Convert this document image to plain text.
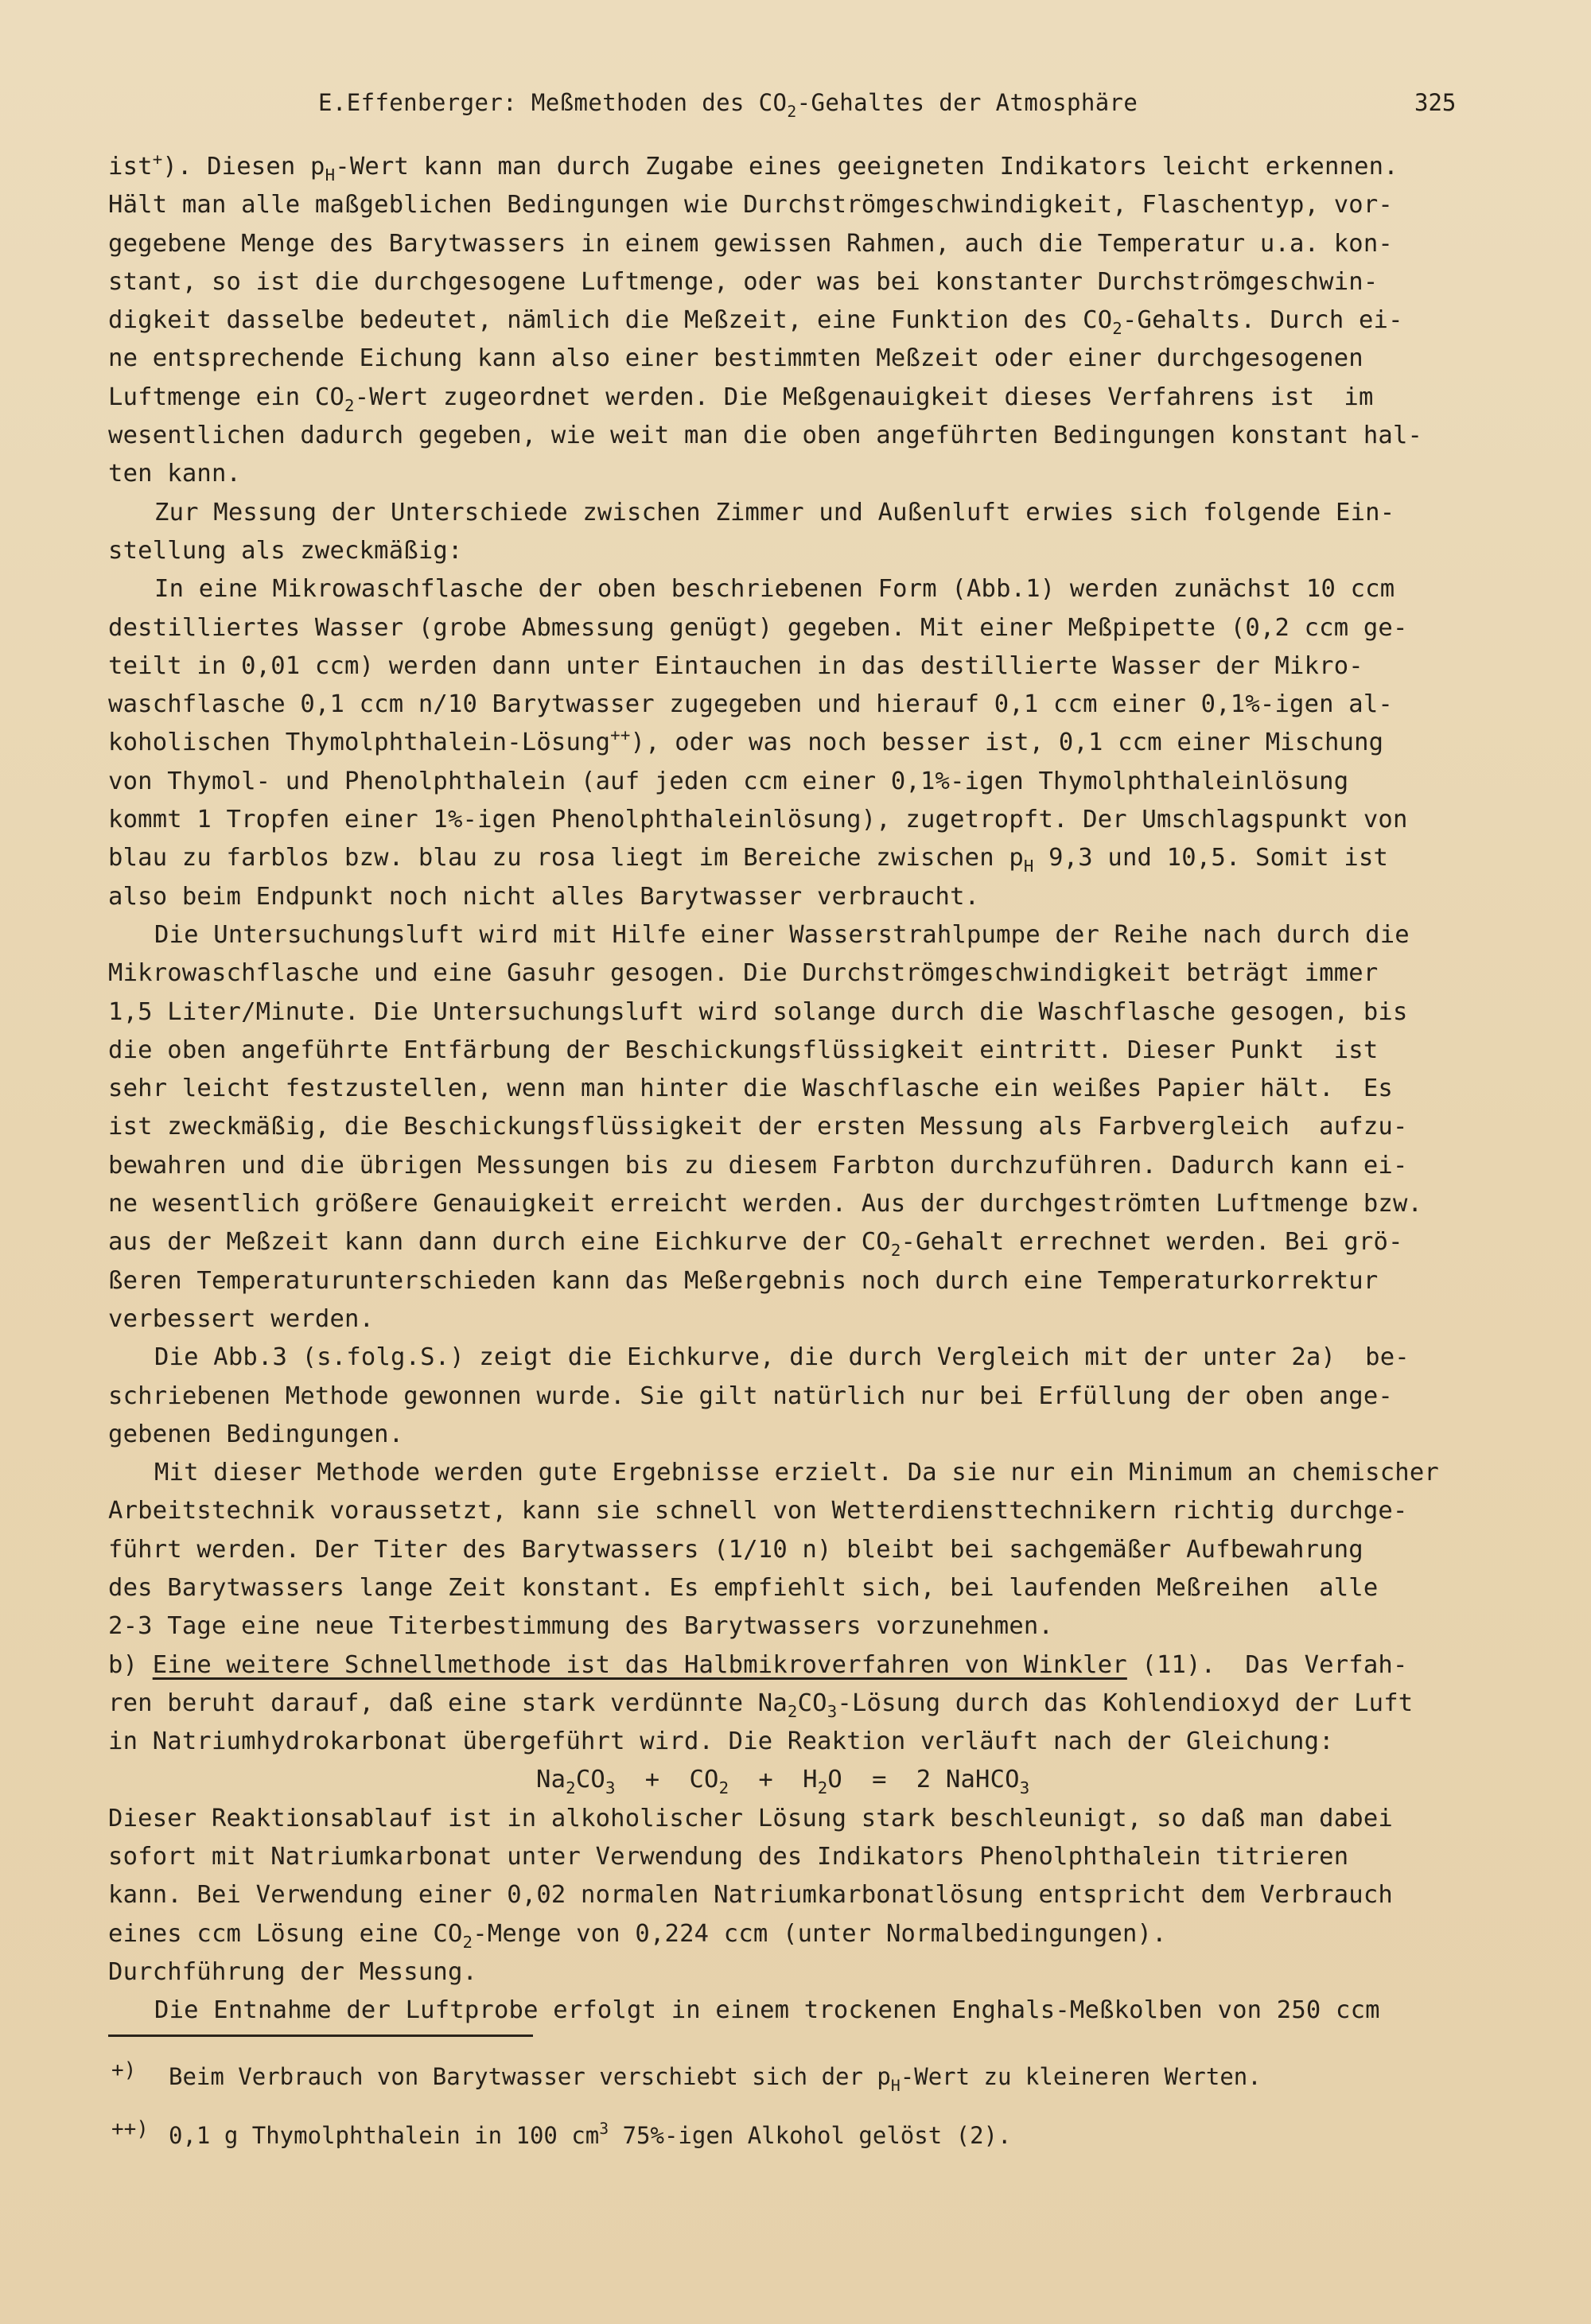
E.Effenberger: Meßmethoden des $CO_2$-Gehaltes der Atmosphäre	325
ist+). Diesen $p_H$-Wert kann man durch Zugabe eines geeigneten Indikators leicht erkennen.
Hält man alle maßgeblichen Bedingungen wie Durchströmgeschwindigkeit, Flaschentyp, vor-
gegebene Menge des Barytwassers in einem gewissen Rahmen, auch die Temperatur u.a. kon-
stant, so ist die durchgesogene Luftmenge, oder was bei konstanter Durchströmgeschwin-
digkeit dasselbe bedeutet, nämlich die Meßzeit, eine Funktion des $CO_2$-Gehalts. Durch ei-
ne entsprechende Eichung kann also einer bestimmten Meßzeit oder einer durchgesogenen
Luftmenge ein $CO_2$-Wert zugeordnet werden. Die Meßgenauigkeit dieses Verfahrens ist  im
wesentlichen dadurch gegeben, wie weit man die oben angeführten Bedingungen konstant hal-
ten kann.
Zur Messung der Unterschiede zwischen Zimmer und Außenluft erwies sich folgende Ein-
stellung als zweckmäßig:
In eine Mikrowaschflasche der oben beschriebenen Form (Abb.1) werden zunächst 10 ccm
destilliertes Wasser (grobe Abmessung genügt) gegeben. Mit einer Meßpipette (0,2 ccm ge-
teilt in 0,01 ccm) werden dann unter Eintauchen in das destillierte Wasser der Mikro-
waschflasche 0,1 ccm n/10 Barytwasser zugegeben und hierauf 0,1 ccm einer 0,1%-igen al-
koholischen Thymolphthalein-Lösung++), oder was noch besser ist, 0,1 ccm einer Mischung
von Thymol- und Phenolphthalein (auf jeden ccm einer 0,1%-igen Thymolphthaleinlösung
kommt 1 Tropfen einer 1%-igen Phenolphthaleinlösung), zugetropft. Der Umschlagspunkt von
blau zu farblos bzw. blau zu rosa liegt im Bereiche zwischen $p_H$ 9,3 und 10,5. Somit ist
also beim Endpunkt noch nicht alles Barytwasser verbraucht.
Die Untersuchungsluft wird mit Hilfe einer Wasserstrahlpumpe der Reihe nach durch die
Mikrowaschflasche und eine Gasuhr gesogen. Die Durchströmgeschwindigkeit beträgt immer
1,5 Liter/Minute. Die Untersuchungsluft wird solange durch die Waschflasche gesogen, bis
die oben angeführte Entfärbung der Beschickungsflüssigkeit eintritt. Dieser Punkt  ist
sehr leicht festzustellen, wenn man hinter die Waschflasche ein weißes Papier hält.  Es
ist zweckmäßig, die Beschickungsflüssigkeit der ersten Messung als Farbvergleich  aufzu-
bewahren und die übrigen Messungen bis zu diesem Farbton durchzuführen. Dadurch kann ei-
ne wesentlich größere Genauigkeit erreicht werden. Aus der durchgeströmten Luftmenge bzw.
aus der Meßzeit kann dann durch eine Eichkurve der $CO_2$-Gehalt errechnet werden. Bei grö-
ßeren Temperaturunterschieden kann das Meßergebnis noch durch eine Temperaturkorrektur
verbessert werden.
Die Abb.3 (s.folg.S.) zeigt die Eichkurve, die durch Vergleich mit der unter 2a)  be-
schriebenen Methode gewonnen wurde. Sie gilt natürlich nur bei Erfüllung der oben ange-
gebenen Bedingungen.
Mit dieser Methode werden gute Ergebnisse erzielt. Da sie nur ein Minimum an chemischer
Arbeitstechnik voraussetzt, kann sie schnell von Wetterdiensttechnikern richtig durchge-
führt werden. Der Titer des Barytwassers (1/10 n) bleibt bei sachgemäßer Aufbewahrung
des Barytwassers lange Zeit konstant. Es empfiehlt sich, bei laufenden Meßreihen  alle
2-3 Tage eine neue Titerbestimmung des Barytwassers vorzunehmen.
b) Eine weitere Schnellmethode ist das Halbmikroverfahren von Winkler (11).  Das Verfah-
ren beruht darauf, daß eine stark verdünnte $Na_2CO_3$-Lösung durch das Kohlendioxyd der Luft
in Natriumhydrokarbonat übergeführt wird. Die Reaktion verläuft nach der Gleichung:
$Na_2CO_3 + CO_2 + H_2O = 2$ NaHCO$_3$
Dieser Reaktionsablauf ist in alkoholischer Lösung stark beschleunigt, so daß man dabei
sofort mit Natriumkarbonat unter Verwendung des Indikators Phenolphthalein titrieren
kann. Bei Verwendung einer 0,02 normalen Natriumkarbonatlösung entspricht dem Verbrauch
eines ccm Lösung eine $CO_2$-Menge von 0,224 ccm (unter Normalbedingungen).
Durchführung der Messung.
Die Entnahme der Luftprobe erfolgt in einem trockenen Enghals-Meßkolben von 250 ccm
+) Beim Verbrauch von Barytwasser verschiebt sich der $p_H$-Wert zu kleineren Werten.
++) 0,1 g Thymolphthalein in 100 $cm^3$ 75%-igen Alkohol gelöst (2).
